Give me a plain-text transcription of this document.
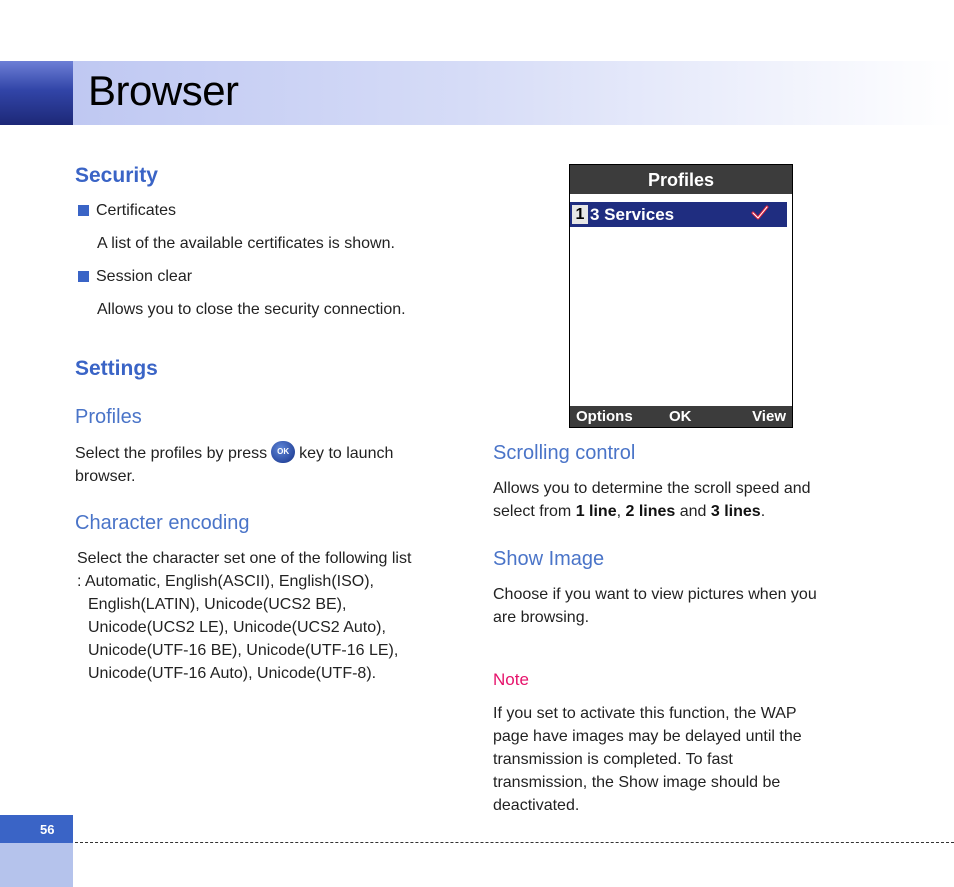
Browser
Security
Certificates
A list of the available certificates is shown.
Session clear
Allows you to close the security connection.
Settings
Profiles
Select the profiles by press OK key to launch
browser.
Character encoding
Select the character set one of the following list
: Automatic, English(ASCII), English(ISO),
English(LATIN), Unicode(UCS2 BE),
Unicode(UCS2 LE), Unicode(UCS2 Auto),
Unicode(UTF-16 BE), Unicode(UTF-16 LE),
Unicode(UTF-16 Auto), Unicode(UTF-8).
Profiles
1 3 Services
Options OK	View
Scrolling control
Allows you to determine the scroll speed and
select from 1 line, 2 lines and 3 lines.
Show Image
Choose if you want to view pictures when you
are browsing.
Note
If you set to activate this function, the WAP
page have images may be delayed until the
transmission is completed. To fast
transmission, the Show image should be
deactivated.
56
